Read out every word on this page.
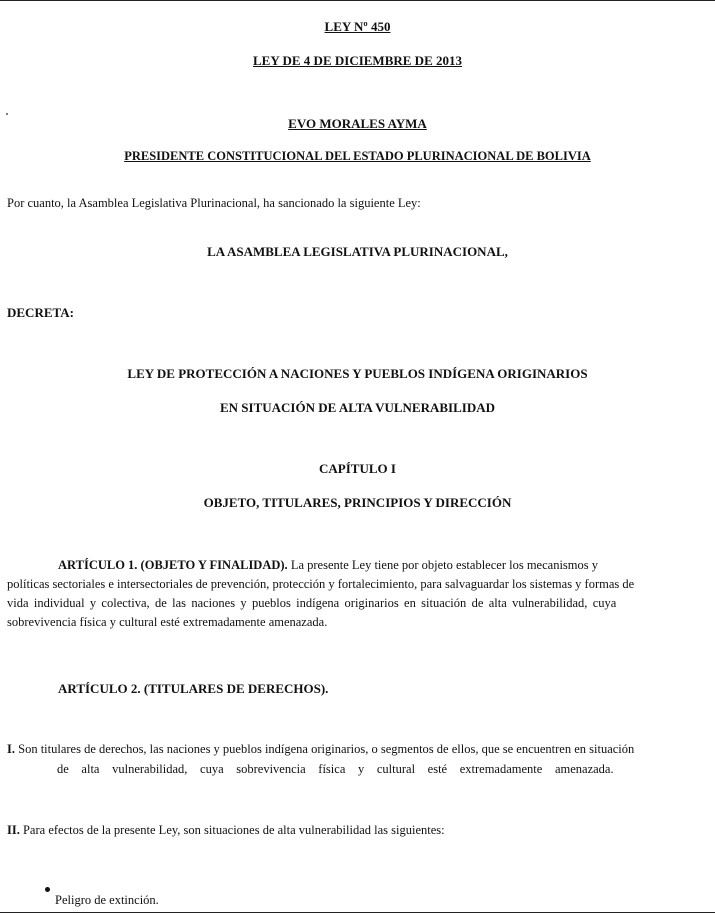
LEY Nº 450
LEY DE 4 DE DICIEMBRE DE 2013
EVO MORALES AYMA
PRESIDENTE CONSTITUCIONAL DEL ESTADO PLURINACIONAL DE BOLIVIA
Por cuanto, la Asamblea Legislativa Plurinacional, ha sancionado la siguiente Ley:
LA ASAMBLEA LEGISLATIVA PLURINACIONAL,
DECRETA:
LEY DE PROTECCIÓN A NACIONES Y PUEBLOS INDÍGENA ORIGINARIOS
EN SITUACIÓN DE ALTA VULNERABILIDAD
CAPÍTULO I
OBJETO, TITULARES, PRINCIPIOS Y DIRECCIÓN
ARTÍCULO 1. (OBJETO Y FINALIDAD). La presente Ley tiene por objeto establecer los mecanismos y
políticas sectoriales e intersectoriales de prevención, protección y fortalecimiento, para salvaguardar los sistemas y formas de
vida individual y colectiva, de las naciones y pueblos indígena originarios en situación de alta vulnerabilidad, cuya
sobrevivencia física y cultural esté extremadamente amenazada.
ARTÍCULO 2. (TITULARES DE DERECHOS).
I. Son titulares de derechos, las naciones y pueblos indígena originarios, o segmentos de ellos, que se encuentren en situación
de alta vulnerabilidad, cuya sobrevivencia física y cultural esté extremadamente amenazada.
II. Para efectos de la presente Ley, son situaciones de alta vulnerabilidad las siguientes:
Peligro de extinción.
